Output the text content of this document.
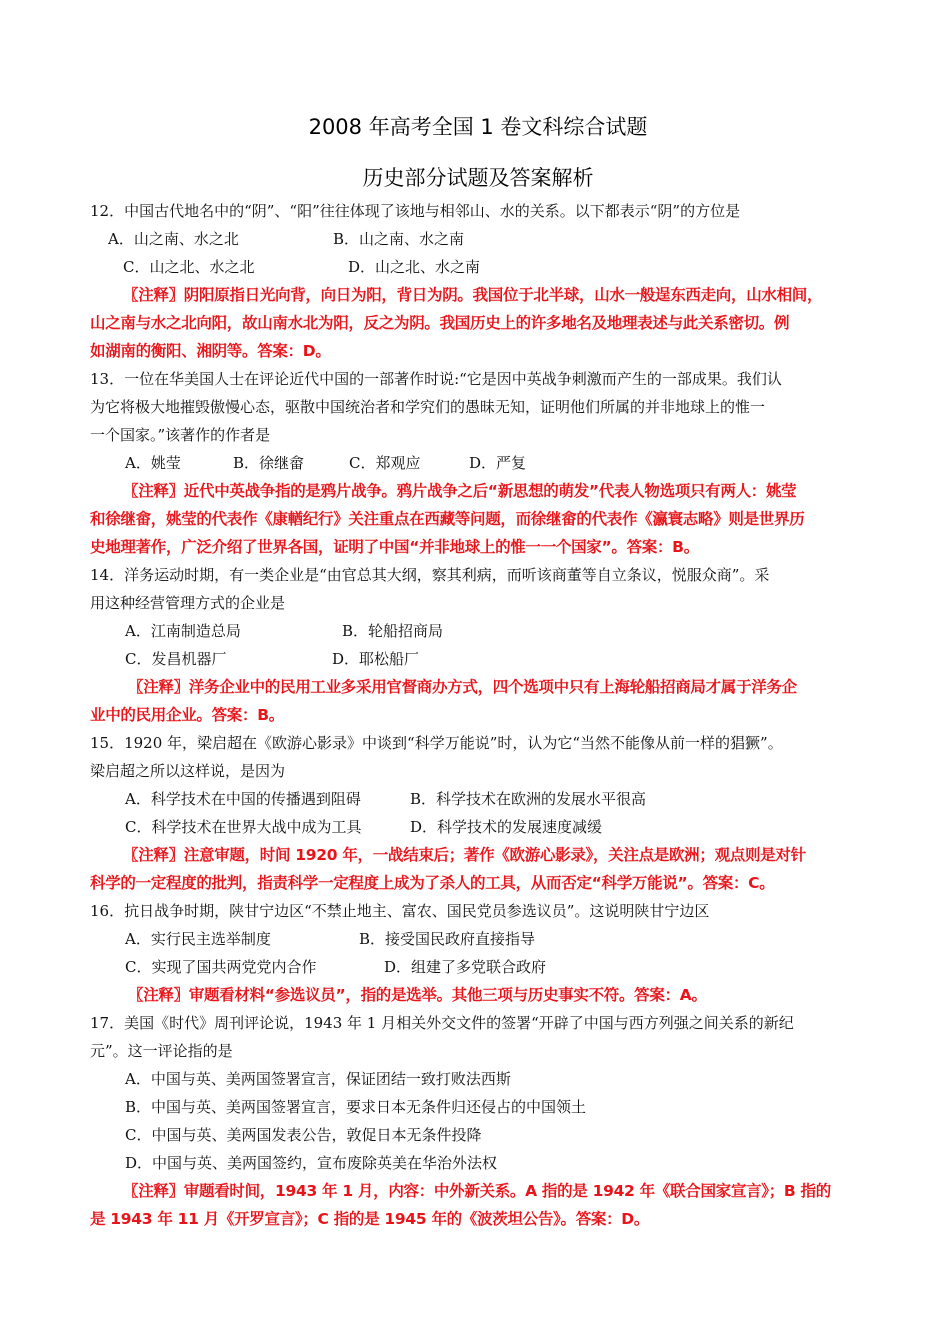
2008 年高考全国 1 卷文科综合试题
历史部分试题及答案解析
12．中国古代地名中的“阴”、“阳”往往体现了该地与相邻山、水的关系。以下都表示“阴”的方位是
A．山之南、水之北	B．山之南、水之南
C．山之北、水之北	D．山之北、水之南
〖注释〗阴阳原指日光向背，向日为阳，背日为阴。我国位于北半球，山水一般逞东西走向，山水相间，
山之南与水之北向阳，故山南水北为阳，反之为阴。我国历史上的许多地名及地理表述与此关系密切。例
如湖南的衡阳、湘阴等。答案：D。
13．一位在华美国人士在评论近代中国的一部著作时说:“它是因中英战争刺激而产生的一部成果。我们认
为它将极大地摧毁傲慢心态，驱散中国统治者和学究们的愚昧无知，证明他们所属的并非地球上的惟一
一个国家。”该著作的作者是
A．姚莹	B．徐继畲	C．郑观应	D．严复
〖注释〗近代中英战争指的是鸦片战争。鸦片战争之后“新思想的萌发”代表人物选项只有两人：姚莹
和徐继畲，姚莹的代表作《康輶纪行》关注重点在西藏等问题，而徐继畲的代表作《瀛寰志略》则是世界历
史地理著作，广泛介绍了世界各国，证明了中国“并非地球上的惟一一个国家”。答案：B。
14．洋务运动时期，有一类企业是“由官总其大纲，察其利病，而听该商董等自立条议，悦服众商”。采
用这种经营管理方式的企业是
A．江南制造总局	B．轮船招商局
C．发昌机器厂	D．耶松船厂
〖注释〗洋务企业中的民用工业多采用官督商办方式，四个选项中只有上海轮船招商局才属于洋务企
业中的民用企业。答案：B。
15．1920 年，梁启超在《欧游心影录》中谈到“科学万能说”时，认为它“当然不能像从前一样的猖獗”。
梁启超之所以这样说，是因为
A．科学技术在中国的传播遇到阻碍	B．科学技术在欧洲的发展水平很高
C．科学技术在世界大战中成为工具	D．科学技术的发展速度减缓
〖注释〗注意审题，时间 1920 年，一战结束后；著作《欧游心影录》，关注点是欧洲；观点则是对针
科学的一定程度的批判，指责科学一定程度上成为了杀人的工具，从而否定“科学万能说”。答案：C。
16．抗日战争时期，陕甘宁边区“不禁止地主、富农、国民党员参选议员”。这说明陕甘宁边区
A．实行民主选举制度	B．接受国民政府直接指导
C．实现了国共两党党内合作	D．组建了多党联合政府
〖注释〗审题看材料“参选议员”，指的是选举。其他三项与历史事实不符。答案：A。
17．美国《时代》周刊评论说，1943 年 1 月相关外交文件的签署“开辟了中国与西方列强之间关系的新纪
元”。这一评论指的是
A．中国与英、美两国签署宣言，保证团结一致打败法西斯
B．中国与英、美两国签署宣言，要求日本无条件归还侵占的中国领土
C．中国与英、美两国发表公告，敦促日本无条件投降
D．中国与英、美两国签约，宣布废除英美在华治外法权
〖注释〗审题看时间，1943 年 1 月，内容：中外新关系。A 指的是 1942 年《联合国家宣言》；B 指的
是 1943 年 11 月《开罗宣言》；C 指的是 1945 年的《波茨坦公告》。答案：D。
